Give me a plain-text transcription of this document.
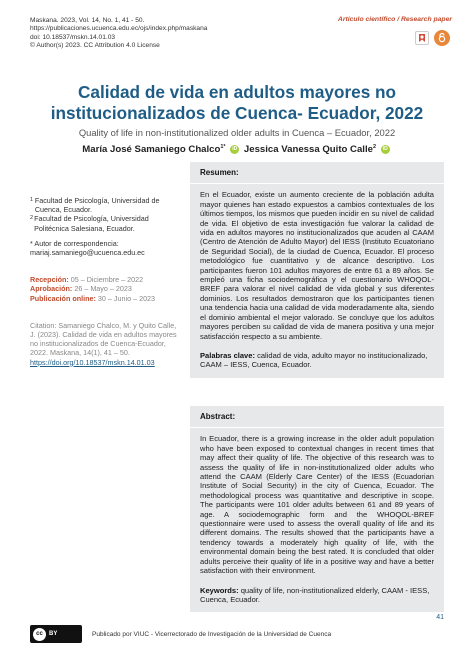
Maskana. 2023, Vol. 14, No. 1, 41 - 50.
https://publicaciones.ucuenca.edu.ec/ojs/index.php/maskana
doi: 10.18537/mskn.14.01.03
© Author(s) 2023. CC Attribution 4.0 License
Artículo científico / Research paper
Calidad de vida en adultos mayores no institucionalizados de Cuenca- Ecuador, 2022
Quality of life in non-institutionalized older adults in Cuenca – Ecuador, 2022
María José Samaniego Chalco$^{1*}$ iD Jessica Vanessa Quito Calle$^2$ iD
1 Facultad de Psicología, Universidad de Cuenca, Ecuador.
2 Facultad de Psicología, Universidad Politécnica Salesiana, Ecuador.
* Autor de correspondencia:
mariaj.samaniego@ucuenca.edu.ec
Recepción: 05 – Diciembre – 2022
Aprobación: 26 – Mayo – 2023
Publicación online: 30 – Junio – 2023
Citation: Samaniego Chalco, M. y Quito Calle, J. (2023). Calidad de vida en adultos mayores no institucionalizados de Cuenca-Ecuador, 2022. Maskana, 14(1), 41 – 50.
https://doi.org/10.18537/mskn.14.01.03
Resumen:
En el Ecuador, existe un aumento creciente de la población adulta mayor quienes han estado expuestos a cambios contextuales de los últimos tiempos, los mismos que pueden incidir en su nivel de calidad de vida. El objetivo de esta investigación fue valorar la calidad de vida en adultos mayores no institucionalizados que acuden al CAAM (Centro de Atención de Adulto Mayor) del IESS (Instituto Ecuatoriano de Seguridad Social), de la ciudad de Cuenca, Ecuador. El proceso metodológico fue cuantitativo y de alcance descriptivo. Los participantes fueron 101 adultos mayores de entre 61 a 89 años. Se empleó una ficha sociodemográfica y el cuestionario WHOQOL-BREF para valorar el nivel calidad de vida global y sus diferentes dominios. Los resultados demostraron que los participantes tienen una tendencia hacia una calidad de vida moderadamente alta, siendo el dominio ambiental el mejor valorado. Se concluye que los adultos mayores perciben su calidad de vida de manera positiva y una mejor satisfacción respecto a su ambiente.
Palabras clave: calidad de vida, adulto mayor no institucionalizado, CAAM – IESS, Cuenca, Ecuador.
Abstract:
In Ecuador, there is a growing increase in the older adult population who have been exposed to contextual changes in recent times that may affect their quality of life. The objective of this research was to assess the quality of life in non-institutionalized older adults who attend the CAAM (Elderly Care Center) of the IESS (Ecuadorian Institute of Social Security) in the city of Cuenca, Ecuador. The methodological process was quantitative and descriptive in scope. The participants were 101 older adults between 61 and 89 years of age. A sociodemographic form and the WHOQOL-BREF questionnaire were used to assess the overall quality of life and its different domains. The results showed that the participants have a tendency towards a moderately high quality of life, with the environmental domain being the best rated. It is concluded that older adults perceive their quality of life in a positive way and have a better satisfaction with their environment.
Keywords: quality of life, non-institutionalized elderly, CAAM - IESS, Cuenca, Ecuador.
41
cc	BY	Publicado por VIUC - Vicerrectorado de Investigación de la Universidad de Cuenca
